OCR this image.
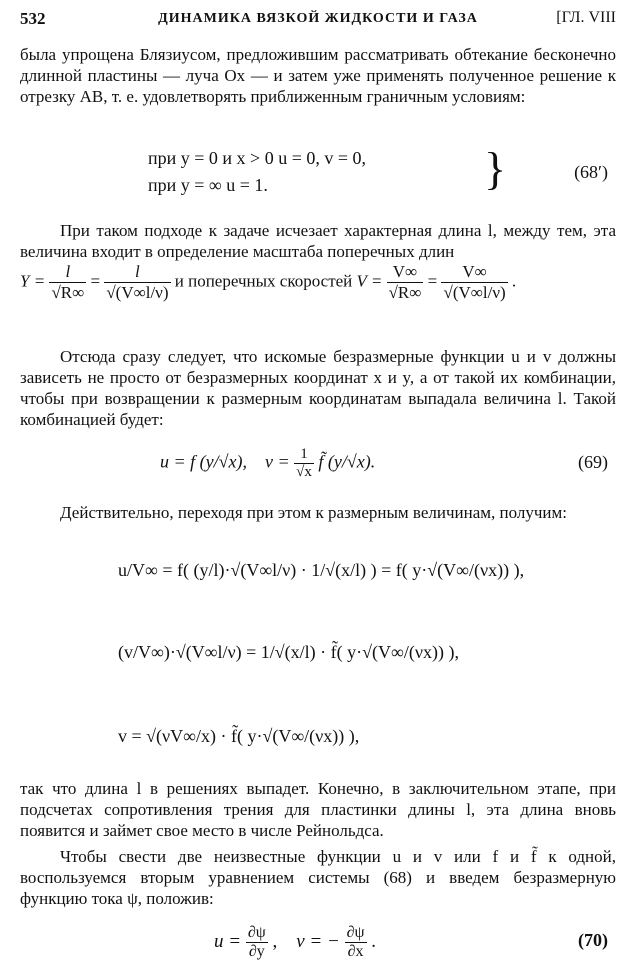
532	ДИНАМИКА ВЯЗКОЙ ЖИДКОСТИ И ГАЗА	[ГЛ. VIII
была упрощена Блязиусом, предложившим рассматривать обтекание бесконечно длинной пластины — луча Ox — и затем уже применять полученное решение к отрезку AB, т. е. удовлетворять приближенным граничным условиям:
при y = 0 и x > 0 u = 0, v = 0,
при y = ∞ u = 1.	}	(68′)
При таком подходе к задаче исчезает характерная длина l, между тем, эта величина входит в определение масштаба поперечных длин
$Y = \frac{l}{√R\infty} = \frac{l}{√(V\infty l/\nu)}$ и поперечных скоростей $V = \frac{V\infty}{√R\infty} = \frac{V\infty}{√(V\infty l/\nu)}$ .
Отсюда сразу следует, что искомые безразмерные функции u и v должны зависеть не просто от безразмерных координат x и y, а от такой их комбинации, чтобы при возвращении к размерным координатам выпадала величина l. Такой комбинацией будет:
u = f (y/√x), $v = \frac{1}{√x}$ f̃ (y/√x).	(69)
Действительно, переходя при этом к размерным величинам, получим:
u/V∞ = f( (y/l)·√(V∞l/ν) · 1/√(x/l) ) = f( y·√(V∞/(νx)) ),
(v/V∞)·√(V∞l/ν) = 1/√(x/l) · f̃( y·√(V∞/(νx)) ),
v = √(νV∞/x) · f̃( y·√(V∞/(νx)) ),
так что длина l в решениях выпадет. Конечно, в заключительном этапе, при подсчетах сопротивления трения для пластинки длины l, эта длина вновь появится и займет свое место в числе Рейнольдса.
Чтобы свести две неизвестные функции u и v или f и f̃ к одной, воспользуемся вторым уравнением системы (68) и введем безразмерную функцию тока ψ, положив:
$u = \frac{\partial\psi}{\partial y}$ , v = − $\frac{\partial\psi}{\partial x}$ .	(70)
